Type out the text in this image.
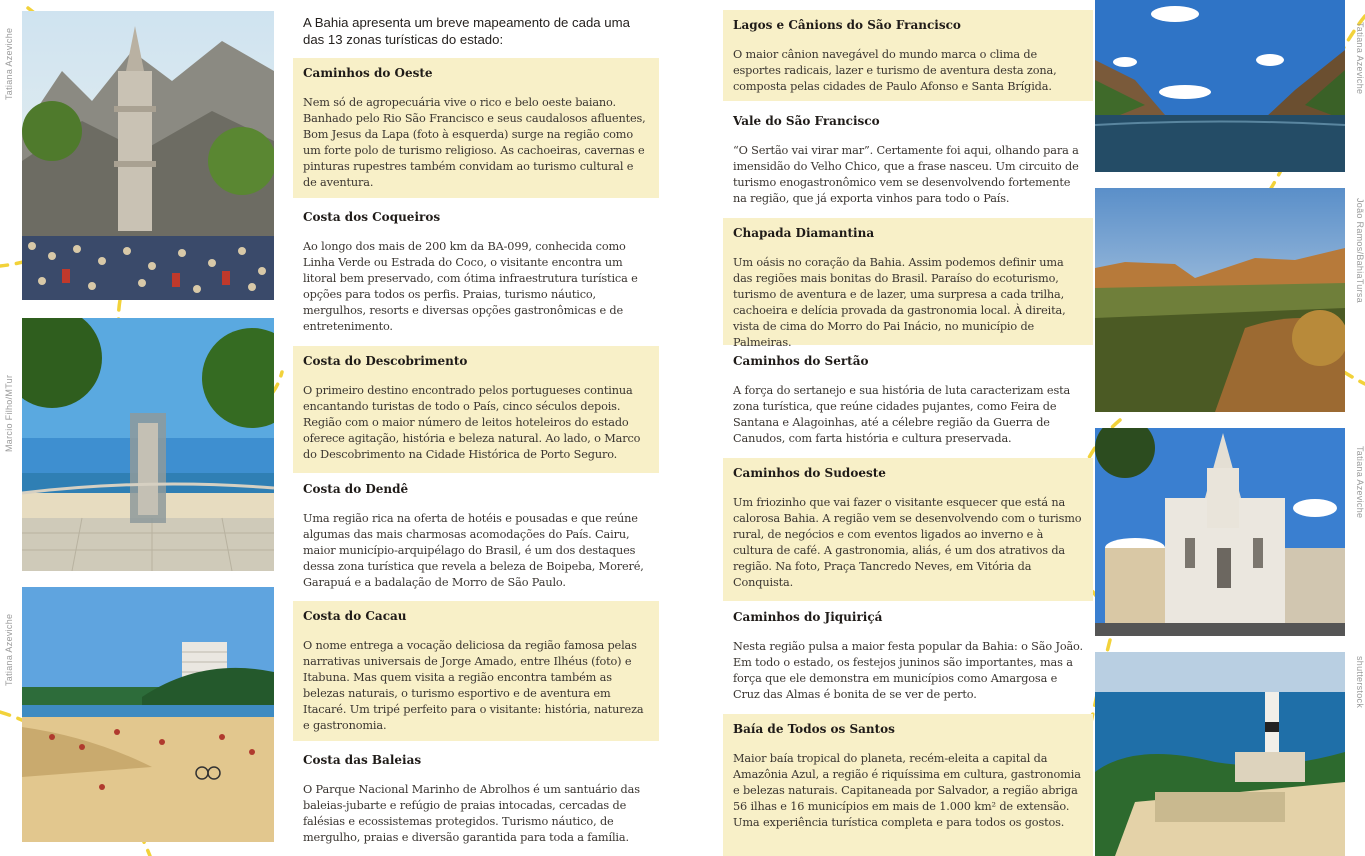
Tatiana Azeviche
Marcio Filho/MTur
Tatiana Azeviche
Tatiana Azeviche
João Ramos/BahiaTursa
Tatiana Azeviche
shutterstock
A Bahia apresenta um breve mapeamento de cada uma das 13 zonas turísticas do estado:
Caminhos do Oeste

Nem só de agropecuária vive o rico e belo oeste baiano. Banhado pelo Rio São Francisco e seus caudalosos afluentes, Bom Jesus da Lapa (foto à esquerda) surge na região como um forte polo de turismo religioso. As cachoeiras, cavernas e pinturas rupestres também convidam ao turismo cultural e de aventura.

Costa dos Coqueiros

Ao longo dos mais de 200 km da BA-099, conhecida como Linha Verde ou Estrada do Coco, o visitante encontra um litoral bem preservado, com ótima infraestrutura turística e opções para todos os perfis. Praias, turismo náutico, mergulhos, resorts e diversas opções gastronômicas e de entretenimento.

Costa do Descobrimento

O primeiro destino encontrado pelos portugueses continua encantando turistas de todo o País, cinco séculos depois. Região com o maior número de leitos hoteleiros do estado oferece agitação, história e beleza natural. Ao lado, o Marco do Descobrimento na Cidade Histórica de Porto Seguro.

Costa do Dendê

Uma região rica na oferta de hotéis e pousadas e que reúne algumas das mais charmosas acomodações do País. Cairu, maior município-arquipélago do Brasil, é um dos destaques dessa zona turística que revela a beleza de Boipeba, Moreré, Garapuá e a badalação de Morro de São Paulo.

Costa do Cacau

O nome entrega a vocação deliciosa da região famosa pelas narrativas universais de Jorge Amado, entre Ilhéus (foto) e Itabuna. Mas quem visita a região encontra também as belezas naturais, o turismo esportivo e de aventura em Itacaré. Um tripé perfeito para o visitante: história, natureza e gastronomia.

Costa das Baleias

O Parque Nacional Marinho de Abrolhos é um santuário das baleias-jubarte e refúgio de praias intocadas, cercadas de falésias e ecossistemas protegidos. Turismo náutico, de mergulho, praias e diversão garantida para toda a família.

Lagos e Cânions do São Francisco

O maior cânion navegável do mundo marca o clima de esportes radicais, lazer e turismo de aventura desta zona, composta pelas cidades de Paulo Afonso e Santa Brígida.

Vale do São Francisco

“O Sertão vai virar mar”. Certamente foi aqui, olhando para a imensidão do Velho Chico, que a frase nasceu. Um circuito de turismo enogastronômico vem se desenvolvendo fortemente na região, que já exporta vinhos para todo o País.

Chapada Diamantina

Um oásis no coração da Bahia. Assim podemos definir uma das regiões mais bonitas do Brasil. Paraíso do ecoturismo, turismo de aventura e de lazer, uma surpresa a cada trilha, cachoeira e delícia provada da gastronomia local. À direita, vista de cima do Morro do Pai Inácio, no município de Palmeiras.

Caminhos do Sertão

A força do sertanejo e sua história de luta caracterizam esta zona turística, que reúne cidades pujantes, como Feira de Santana e Alagoinhas, até a célebre região da Guerra de Canudos, com farta história e cultura preservada.

Caminhos do Sudoeste

Um friozinho que vai fazer o visitante esquecer que está na calorosa Bahia. A região vem se desenvolvendo com o turismo rural, de negócios e com eventos ligados ao inverno e à cultura de café. A gastronomia, aliás, é um dos atrativos da região. Na foto, Praça Tancredo Neves, em Vitória da Conquista.

Caminhos do Jiquiriçá

Nesta região pulsa a maior festa popular da Bahia: o São João. Em todo o estado, os festejos juninos são importantes, mas a força que ele demonstra em municípios como Amargosa e Cruz das Almas é bonita de se ver de perto.

Baía de Todos os Santos

Maior baía tropical do planeta, recém-eleita a capital da Amazônia Azul, a região é riquíssima em cultura, gastronomia e belezas naturais. Capitaneada por Salvador, a região abriga 56 ilhas e 16 municípios em mais de 1.000 km² de extensão. Uma experiência turística completa e para todos os gostos.
